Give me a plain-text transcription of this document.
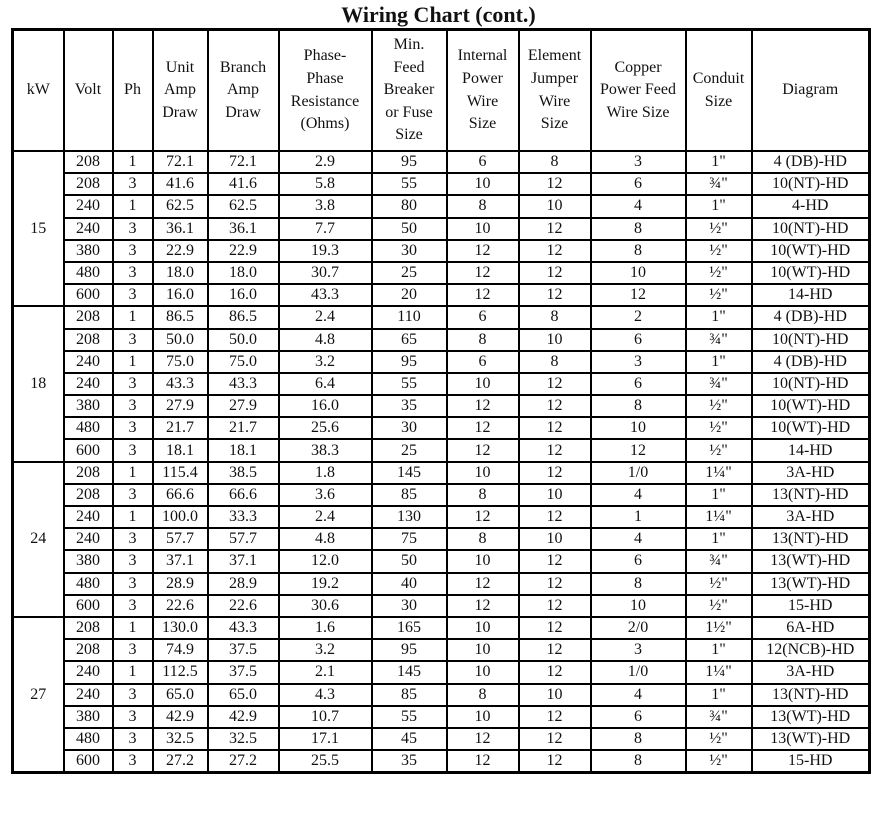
Wiring Chart (cont.)
kW	Volt	Ph	Unit
Amp
Draw	Branch
Amp
Draw	Phase-
Phase
Resistance
(Ohms)	Min.
Feed
Breaker
or Fuse
Size	Internal
Power
Wire
Size	Element
Jumper
Wire
Size	Copper
Power Feed
Wire Size	Conduit
Size	Diagram
15	208	1	72.1	72.1	2.9	95	6	8	3	1"	4 (DB)-HD
	208	3	41.6	41.6	5.8	55	10	12	6	¾"	10(NT)-HD
	240	1	62.5	62.5	3.8	80	8	10	4	1"	4-HD
	240	3	36.1	36.1	7.7	50	10	12	8	½"	10(NT)-HD
	380	3	22.9	22.9	19.3	30	12	12	8	½"	10(WT)-HD
	480	3	18.0	18.0	30.7	25	12	12	10	½"	10(WT)-HD
	600	3	16.0	16.0	43.3	20	12	12	12	½"	14-HD
18	208	1	86.5	86.5	2.4	110	6	8	2	1"	4 (DB)-HD
	208	3	50.0	50.0	4.8	65	8	10	6	¾"	10(NT)-HD
	240	1	75.0	75.0	3.2	95	6	8	3	1"	4 (DB)-HD
	240	3	43.3	43.3	6.4	55	10	12	6	¾"	10(NT)-HD
	380	3	27.9	27.9	16.0	35	12	12	8	½"	10(WT)-HD
	480	3	21.7	21.7	25.6	30	12	12	10	½"	10(WT)-HD
	600	3	18.1	18.1	38.3	25	12	12	12	½"	14-HD
24	208	1	115.4	38.5	1.8	145	10	12	1/0	1¼"	3A-HD
	208	3	66.6	66.6	3.6	85	8	10	4	1"	13(NT)-HD
	240	1	100.0	33.3	2.4	130	12	12	1	1¼"	3A-HD
	240	3	57.7	57.7	4.8	75	8	10	4	1"	13(NT)-HD
	380	3	37.1	37.1	12.0	50	10	12	6	¾"	13(WT)-HD
	480	3	28.9	28.9	19.2	40	12	12	8	½"	13(WT)-HD
	600	3	22.6	22.6	30.6	30	12	12	10	½"	15-HD
27	208	1	130.0	43.3	1.6	165	10	12	2/0	1½"	6A-HD
	208	3	74.9	37.5	3.2	95	10	12	3	1"	12(NCB)-HD
	240	1	112.5	37.5	2.1	145	10	12	1/0	1¼"	3A-HD
	240	3	65.0	65.0	4.3	85	8	10	4	1"	13(NT)-HD
	380	3	42.9	42.9	10.7	55	10	12	6	¾"	13(WT)-HD
	480	3	32.5	32.5	17.1	45	12	12	8	½"	13(WT)-HD
	600	3	27.2	27.2	25.5	35	12	12	8	½"	15-HD
